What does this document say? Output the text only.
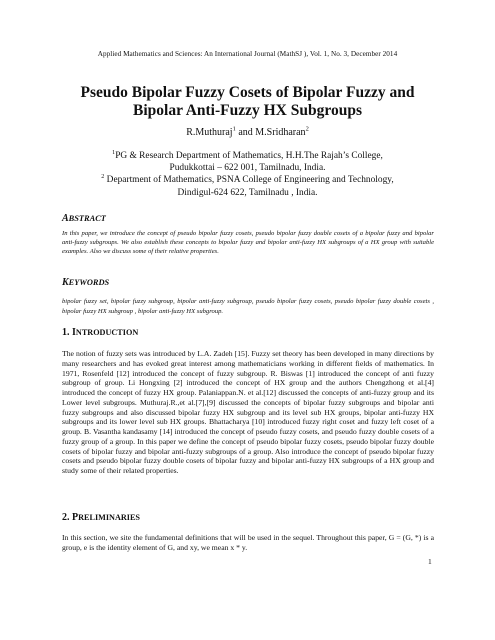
Applied Mathematics and Sciences: An International Journal (MathSJ ), Vol. 1, No. 3, December 2014
Pseudo Bipolar Fuzzy Cosets of Bipolar Fuzzy and Bipolar Anti-Fuzzy HX Subgroups
R.Muthuraj$^1$ and M.Sridharan$^2$
$^1$PG & Research Department of Mathematics, H.H.The Rajah’s College,
Pudukkottai – 622 001, Tamilnadu, India.
$^2$ Department of Mathematics, PSNA College of Engineering and Technology,
Dindigul-624 622, Tamilnadu , India.
ABSTRACT
In this paper, we introduce the concept of pseudo bipolar fuzzy cosets, pseudo bipolar fuzzy double cosets of a bipolar fuzzy and bipolar anti-fuzzy subgroups. We also establish these concepts to bipolar fuzzy and bipolar anti-fuzzy HX subgroups of a HX group with suitable examples. Also we discuss some of their relative properties.
KEYWORDS
bipolar fuzzy set, bipolar fuzzy subgroup, bipolar anti-fuzzy subgroup, pseudo bipolar fuzzy cosets, pseudo bipolar fuzzy double cosets , bipolar fuzzy HX subgroup , bipolar anti-fuzzy HX subgroup.
1. INTRODUCTION
The notion of fuzzy sets was introduced by L.A. Zadeh [15]. Fuzzy set theory has been developed in many directions by many researchers and has evoked great interest among mathematicians working in different fields of mathematics. In 1971, Rosenfeld [12] introduced the concept of fuzzy subgroup. R. Biswas [1] introduced the concept of anti fuzzy subgroup of group. Li Hongxing [2] introduced the concept of HX group and the authors Chengzhong et al.[4] introduced the concept of fuzzy HX group. Palaniappan.N. et al.[12] discussed the concepts of anti-fuzzy group and its Lower level subgroups. Muthuraj.R.,et al.[7],[9] discussed the concepts of bipolar fuzzy subgroups and bipolar anti fuzzy subgroups and also discussed bipolar fuzzy HX subgroup and its level sub HX groups, bipolar anti-fuzzy HX subgroups and its lower level sub HX groups. Bhattacharya [10] introduced fuzzy right coset and fuzzy left coset of a group. B. Vasantha kandasamy [14] introduced the concept of pseudo fuzzy cosets, and pseudo fuzzy double cosets of a fuzzy group of a group. In this paper we define the concept of pseudo bipolar fuzzy cosets, pseudo bipolar fuzzy double cosets of bipolar fuzzy and bipolar anti-fuzzy subgroups of a group. Also introduce the concept of pseudo bipolar fuzzy cosets and pseudo bipolar fuzzy double cosets of bipolar fuzzy and bipolar anti-fuzzy HX subgroups of a HX group and study some of their related properties.
2. PRELIMINARIES
In this section, we site the fundamental definitions that will be used in the sequel. Throughout this paper, G = (G, *) is a group, e is the identity element of G, and xy, we mean x * y.
1
